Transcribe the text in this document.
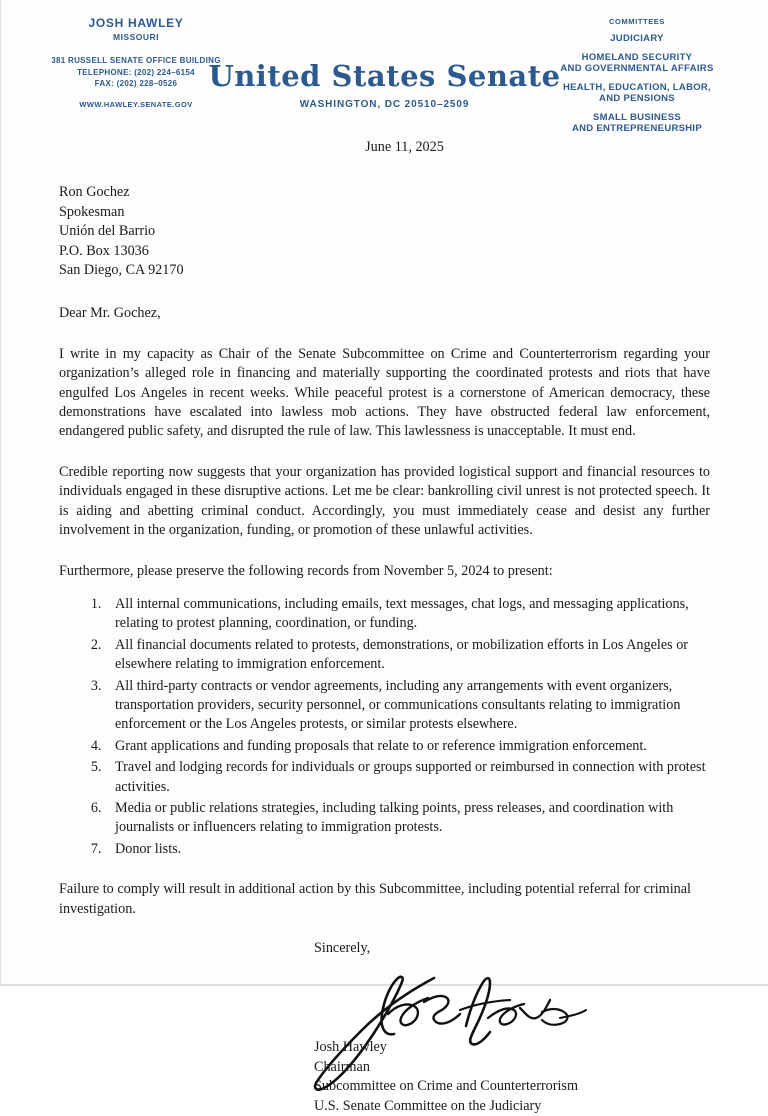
JOSH HAWLEY
MISSOURI
381 RUSSELL SENATE OFFICE BUILDING
TELEPHONE: (202) 224–6154
FAX: (202) 228–0526
WWW.HAWLEY.SENATE.GOV
United States Senate
WASHINGTON, DC 20510–2509
COMMITTEES
JUDICIARY
HOMELAND SECURITY
AND GOVERNMENTAL AFFAIRS
HEALTH, EDUCATION, LABOR,
AND PENSIONS
SMALL BUSINESS
AND ENTREPRENEURSHIP
June 11, 2025
Ron Gochez
Spokesman
Unión del Barrio
P.O. Box 13036
San Diego, CA 92170
Dear Mr. Gochez,

I write in my capacity as Chair of the Senate Subcommittee on Crime and Counterterrorism regarding your organization’s alleged role in financing and materially supporting the coordinated protests and riots that have engulfed Los Angeles in recent weeks. While peaceful protest is a cornerstone of American democracy, these demonstrations have escalated into lawless mob actions. They have obstructed federal law enforcement, endangered public safety, and disrupted the rule of law. This lawlessness is unacceptable. It must end.

Credible reporting now suggests that your organization has provided logistical support and financial resources to individuals engaged in these disruptive actions. Let me be clear: bankrolling civil unrest is not protected speech. It is aiding and abetting criminal conduct. Accordingly, you must immediately cease and desist any further involvement in the organization, funding, or promotion of these unlawful activities.

Furthermore, please preserve the following records from November 5, 2024 to present:

1. All internal communications, including emails, text messages, chat logs, and messaging applications, relating to protest planning, coordination, or funding.
2. All financial documents related to protests, demonstrations, or mobilization efforts in Los Angeles or elsewhere relating to immigration enforcement.
3. All third-party contracts or vendor agreements, including any arrangements with event organizers, transportation providers, security personnel, or communications consultants relating to immigration enforcement or the Los Angeles protests, or similar protests elsewhere.
4. Grant applications and funding proposals that relate to or reference immigration enforcement.
5. Travel and lodging records for individuals or groups supported or reimbursed in connection with protest activities.
6. Media or public relations strategies, including talking points, press releases, and coordination with journalists or influencers relating to immigration protests.
7. Donor lists.

Failure to comply will result in additional action by this Subcommittee, including potential referral for criminal investigation.

Sincerely,

Josh Hawley
Chairman
Subcommittee on Crime and Counterterrorism
U.S. Senate Committee on the Judiciary
